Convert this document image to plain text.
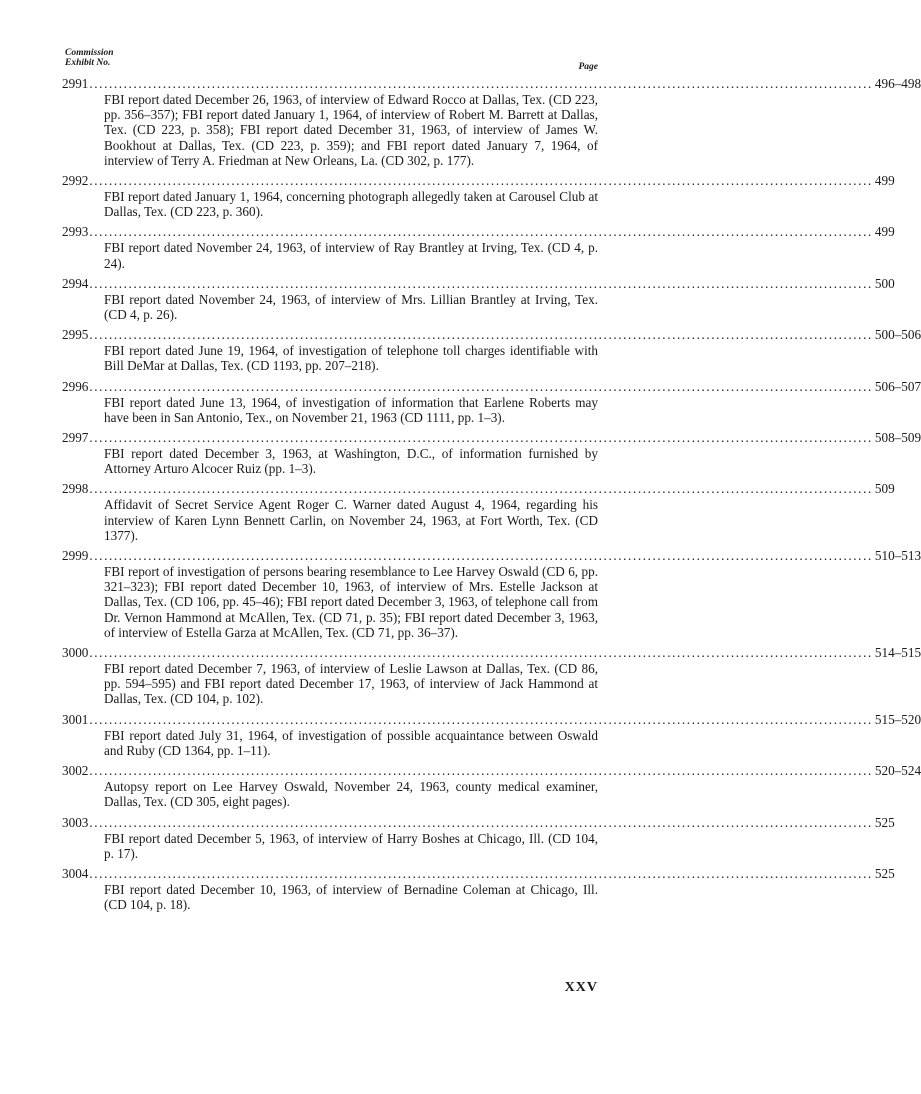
Commission
Exhibit No.	Page
2991 ................................................................................................................................................................ 496–498

FBI report dated December 26, 1963, of interview of Edward Rocco at Dallas, Tex. (CD 223, pp. 356–357); FBI report dated January 1, 1964, of interview of Robert M. Barrett at Dallas, Tex. (CD 223, p. 358); FBI report dated December 31, 1963, of interview of James W. Bookhout at Dallas, Tex. (CD 223, p. 359); and FBI report dated January 7, 1964, of interview of Terry A. Friedman at New Orleans, La. (CD 302, p. 177).

2992 ................................................................................................................................................................ 499

FBI report dated January 1, 1964, concerning photograph allegedly taken at Carousel Club at Dallas, Tex. (CD 223, p. 360).

2993 ................................................................................................................................................................ 499

FBI report dated November 24, 1963, of interview of Ray Brantley at Irving, Tex. (CD 4, p. 24).

2994 ................................................................................................................................................................ 500

FBI report dated November 24, 1963, of interview of Mrs. Lillian Brantley at Irving, Tex. (CD 4, p. 26).

2995 ................................................................................................................................................................ 500–506

FBI report dated June 19, 1964, of investigation of telephone toll charges identifiable with Bill DeMar at Dallas, Tex. (CD 1193, pp. 207–218).

2996 ................................................................................................................................................................ 506–507

FBI report dated June 13, 1964, of investigation of information that Earlene Roberts may have been in San Antonio, Tex., on November 21, 1963 (CD 1111, pp. 1–3).

2997 ................................................................................................................................................................ 508–509

FBI report dated December 3, 1963, at Washington, D.C., of information furnished by Attorney Arturo Alcocer Ruiz (pp. 1–3).

2998 ................................................................................................................................................................ 509

Affidavit of Secret Service Agent Roger C. Warner dated August 4, 1964, regarding his interview of Karen Lynn Bennett Carlin, on November 24, 1963, at Fort Worth, Tex. (CD 1377).

2999 ................................................................................................................................................................ 510–513

FBI report of investigation of persons bearing resemblance to Lee Harvey Oswald (CD 6, pp. 321–323); FBI report dated December 10, 1963, of interview of Mrs. Estelle Jackson at Dallas, Tex. (CD 106, pp. 45–46); FBI report dated December 3, 1963, of telephone call from Dr. Vernon Hammond at McAllen, Tex. (CD 71, p. 35); FBI report dated December 3, 1963, of interview of Estella Garza at McAllen, Tex. (CD 71, pp. 36–37).

3000 ................................................................................................................................................................ 514–515

FBI report dated December 7, 1963, of interview of Leslie Lawson at Dallas, Tex. (CD 86, pp. 594–595) and FBI report dated December 17, 1963, of interview of Jack Hammond at Dallas, Tex. (CD 104, p. 102).

3001 ................................................................................................................................................................ 515–520

FBI report dated July 31, 1964, of investigation of possible acquaintance between Oswald and Ruby (CD 1364, pp. 1–11).

3002 ................................................................................................................................................................ 520–524

Autopsy report on Lee Harvey Oswald, November 24, 1963, county medical examiner, Dallas, Tex. (CD 305, eight pages).

3003 ................................................................................................................................................................ 525

FBI report dated December 5, 1963, of interview of Harry Boshes at Chicago, Ill. (CD 104, p. 17).

3004 ................................................................................................................................................................ 525

FBI report dated December 10, 1963, of interview of Bernadine Coleman at Chicago, Ill. (CD 104, p. 18).

XXV
